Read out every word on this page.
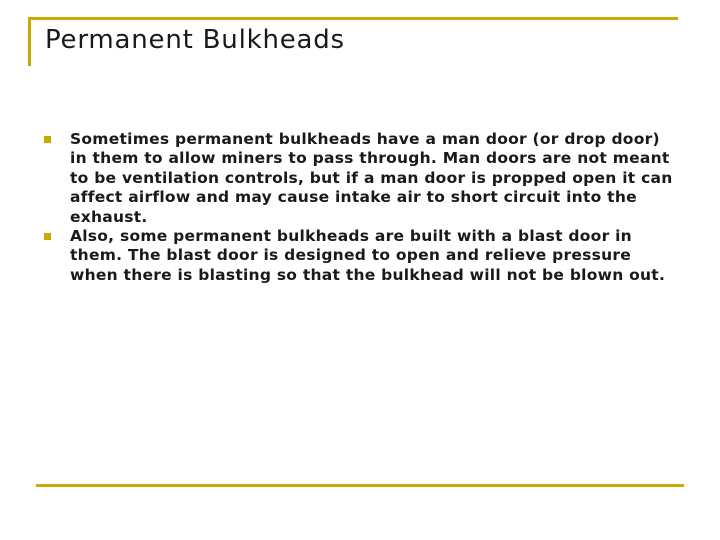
Permanent Bulkheads
Sometimes permanent bulkheads have a man door (or drop door) in them to allow miners to pass through. Man doors are not meant to be ventilation controls, but if a man door is propped open it can affect airflow and may cause intake air to short circuit into the exhaust.
Also, some permanent bulkheads are built with a blast door in them. The blast door is designed to open and relieve pressure when there is blasting so that the bulkhead will not be blown out.
